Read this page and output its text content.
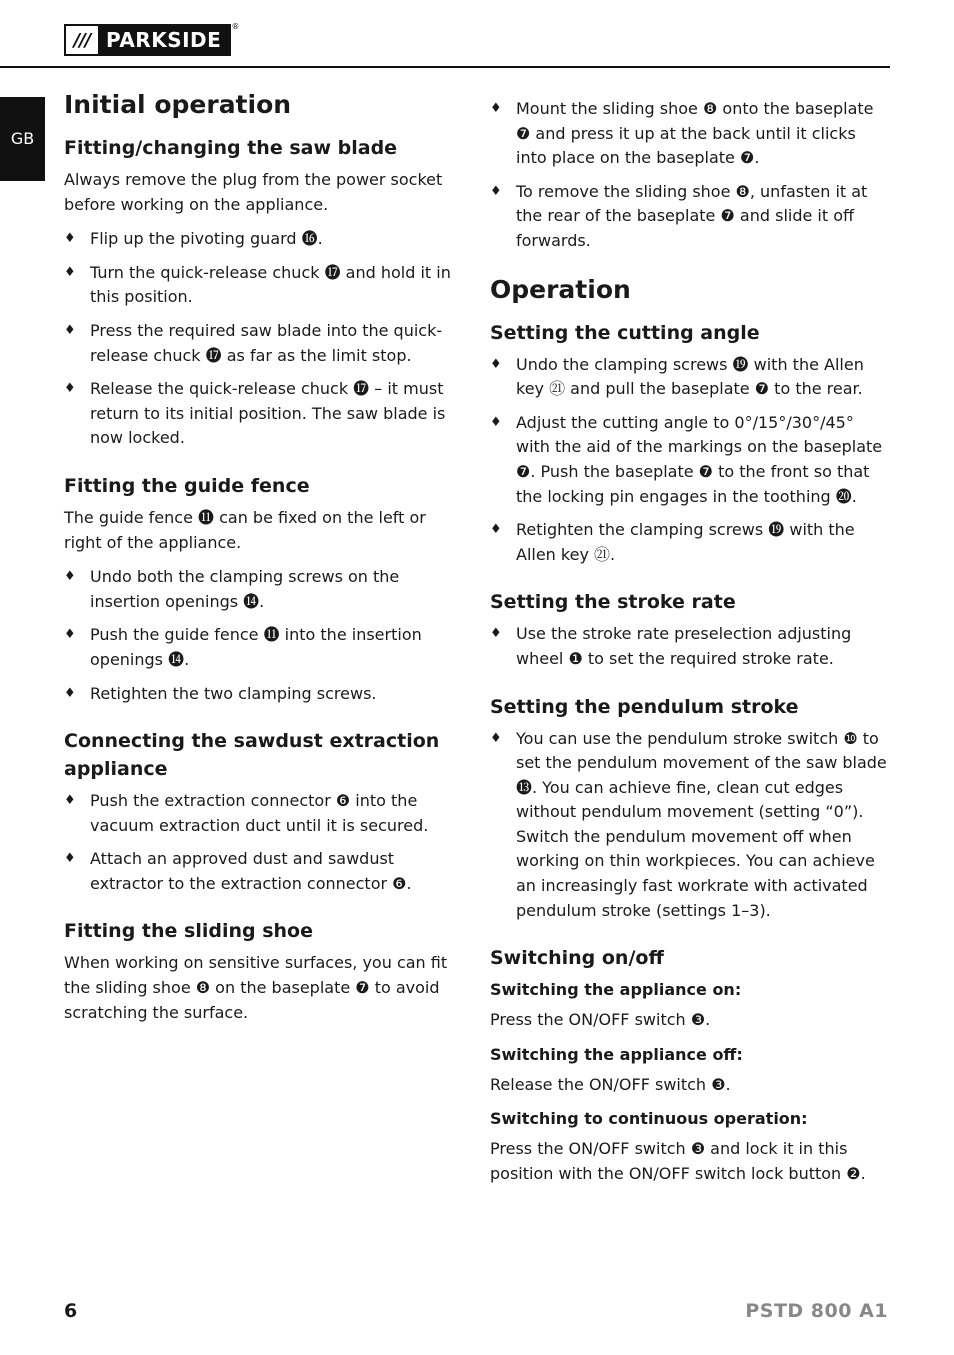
/// PARKSIDE
®
GB
Initial operation
Fitting/changing the saw blade

Always remove the plug from the power socket before working on the appliance.

♦ Flip up the pivoting guard ⓰.
♦ Turn the quick-release chuck ⓱ and hold it in this position.
♦ Press the required saw blade into the quick-release chuck ⓱ as far as the limit stop.
♦ Release the quick-release chuck ⓱ – it must return to its initial position. The saw blade is now locked.
Fitting the guide fence

The guide fence ⓫ can be fixed on the left or right of the appliance.

♦ Undo both the clamping screws on the insertion openings ⓮.
♦ Push the guide fence ⓫ into the insertion openings ⓮.
♦ Retighten the two clamping screws.
Connecting the sawdust extraction appliance
♦ Push the extraction connector ❻ into the vacuum extraction duct until it is secured.
♦ Attach an approved dust and sawdust extractor to the extraction connector ❻.
Fitting the sliding shoe

When working on sensitive surfaces, you can fit the sliding shoe ❽ on the baseplate ❼ to avoid scratching the surface.

♦ Mount the sliding shoe ❽ onto the baseplate ❼ and press it up at the back until it clicks into place on the baseplate ❼.
♦ To remove the sliding shoe ❽, unfasten it at the rear of the baseplate ❼ and slide it off forwards.
Operation
Setting the cutting angle
♦ Undo the clamping screws ⓳ with the Allen key ㉑ and pull the baseplate ❼ to the rear.
♦ Adjust the cutting angle to 0°/15°/30°/45° with the aid of the markings on the baseplate ❼. Push the baseplate ❼ to the front so that the locking pin engages in the toothing ⓴.
♦ Retighten the clamping screws ⓳ with the Allen key ㉑.
Setting the stroke rate
♦ Use the stroke rate preselection adjusting wheel ❶ to set the required stroke rate.
Setting the pendulum stroke
♦ You can use the pendulum stroke switch ❿ to set the pendulum movement of the saw blade ⓭. You can achieve fine, clean cut edges without pendulum movement (setting “0”). Switch the pendulum movement off when working on thin workpieces. You can achieve an increasingly fast workrate with activated pendulum stroke (settings 1–3).
Switching on/off
Switching the appliance on:

Press the ON/OFF switch ❸.

Switching the appliance off:

Release the ON/OFF switch ❸.

Switching to continuous operation:

Press the ON/OFF switch ❸ and lock it in this position with the ON/OFF switch lock button ❷.

6	PSTD 800 A1
